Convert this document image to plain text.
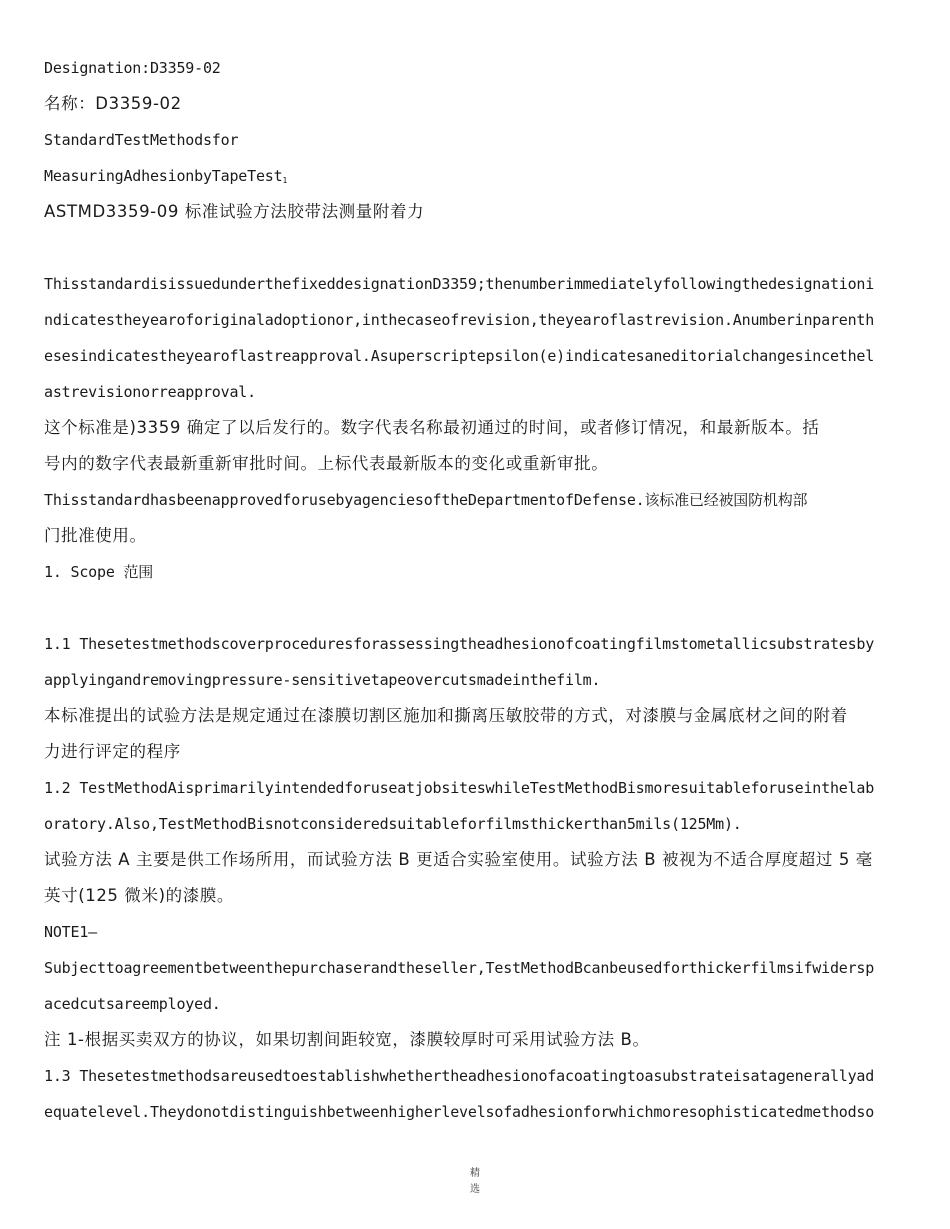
Designation:D3359-02
名称：D3359-02
StandardTestMethodsfor
MeasuringAdhesionbyTapeTest$_1$
ASTMD3359-09 标准试验方法胶带法测量附着力
ThisstandardisissuedunderthefixeddesignationD3359;thenumberimmediatelyfollowingthedesignationi
ndicatestheyearoforiginaladoptionor,inthecaseofrevision,theyearoflastrevision.Anumberinparenth
esesindicatestheyearoflastreapproval.Asuperscriptepsilon(e)indicatesaneditorialchangesincethel
astrevisionorreapproval.
这个标准是)3359 确定了以后发行的。数字代表名称最初通过的时间，或者修订情况，和最新版本。括
号内的数字代表最新重新审批时间。上标代表最新版本的变化或重新审批。
ThisstandardhasbeenapprovedforusebyagenciesoftheDepartmentofDefense.该标准已经被国防机构部
门批准使用。
1. Scope 范围
1.1 Thesetestmethodscoverproceduresforassessingtheadhesionofcoatingfilmstometallicsubstratesby
applyingandremovingpressure-sensitivetapeovercutsmadeinthefilm.
本标准提出的试验方法是规定通过在漆膜切割区施加和撕离压敏胶带的方式，对漆膜与金属底材之间的附着
力进行评定的程序
1.2 TestMethodAisprimarilyintendedforuseatjobsiteswhileTestMethodBismoresuitableforuseinthelab
oratory.Also,TestMethodBisnotconsideredsuitableforfilmsthickerthan5mils(125Mm).
试验方法 A 主要是供工作场所用，而试验方法 B 更适合实验室使用。试验方法 B 被视为不适合厚度超过 5 毫
英寸(125 微米)的漆膜。
NOTE1—
Subjecttoagreementbetweenthepurchaserandtheseller,TestMethodBcanbeusedforthickerfilmsifwidersp
acedcutsareemployed.
注 1-根据买卖双方的协议，如果切割间距较宽，漆膜较厚时可采用试验方法 B。
1.3 Thesetestmethodsareusedtoestablishwhethertheadhesionofacoatingtoasubstrateisatagenerallyad
equatelevel.Theydonotdistinguishbetweenhigherlevelsofadhesionforwhichmoresophisticatedmethodso
精
选
